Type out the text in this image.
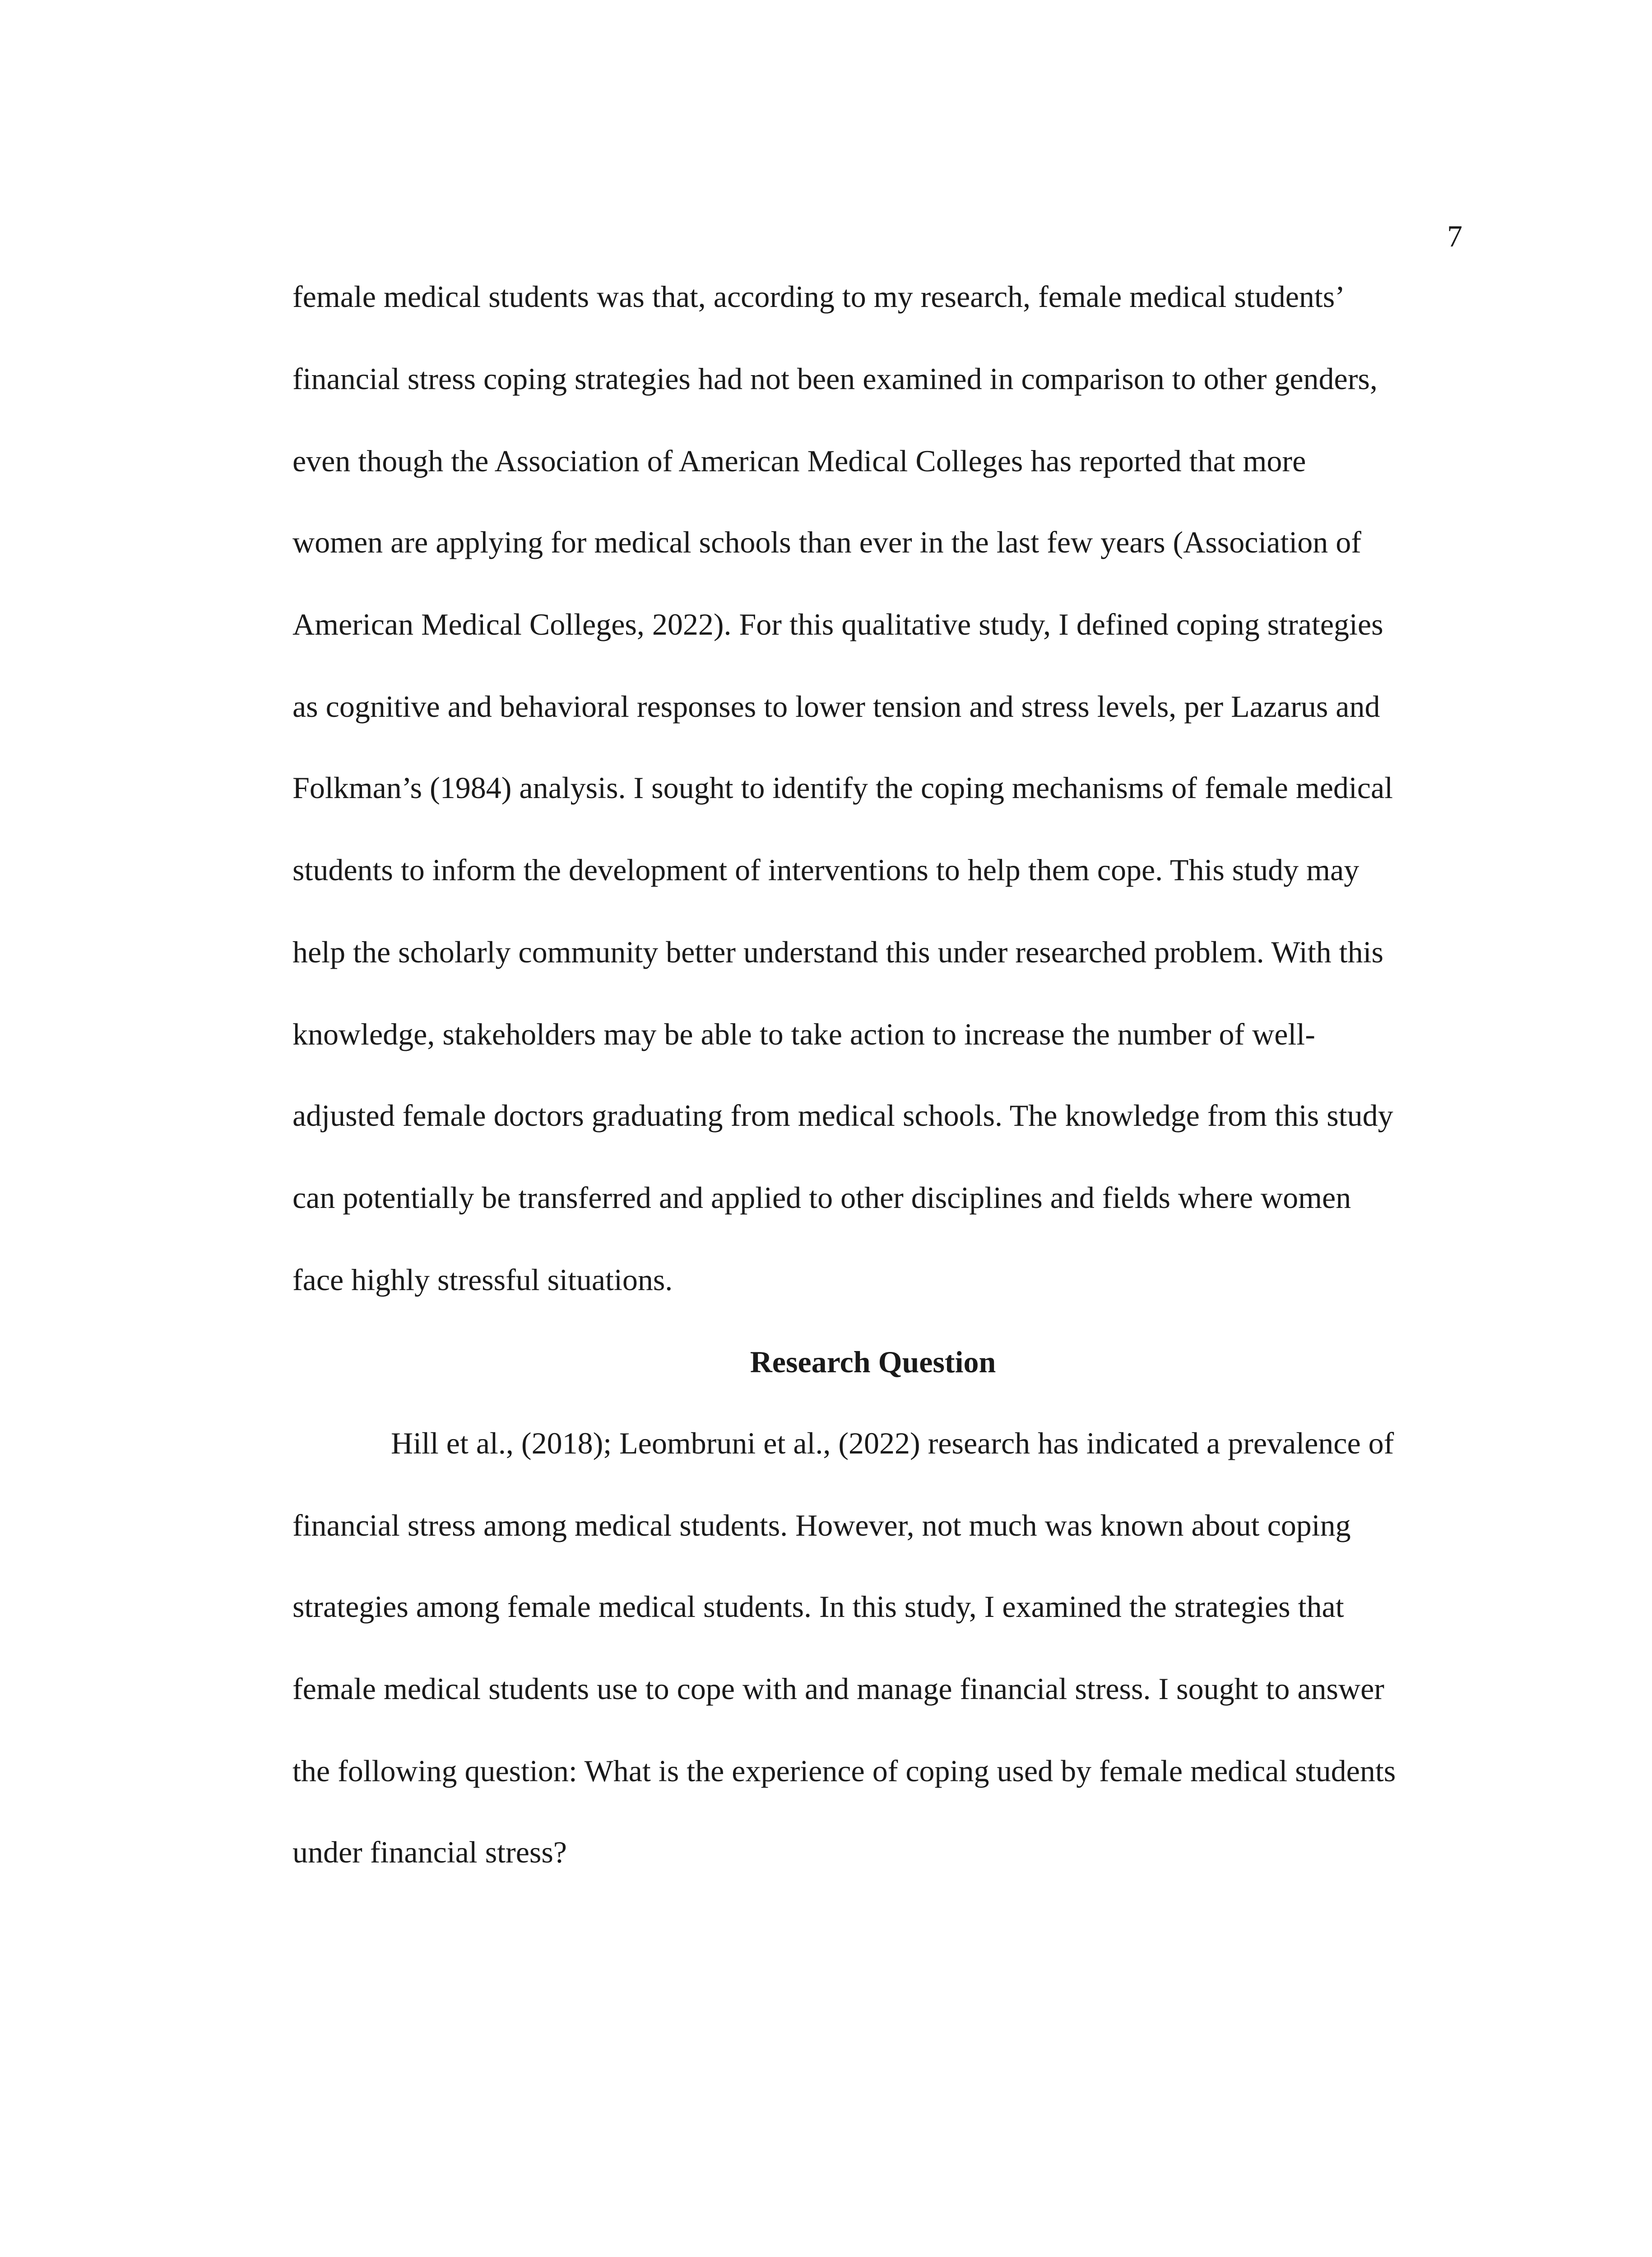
7
female medical students was that, according to my research, female medical students’
financial stress coping strategies had not been examined in comparison to other genders,
even though the Association of American Medical Colleges has reported that more
women are applying for medical schools than ever in the last few years (Association of
American Medical Colleges, 2022). For this qualitative study, I defined coping strategies
as cognitive and behavioral responses to lower tension and stress levels, per Lazarus and
Folkman’s (1984) analysis. I sought to identify the coping mechanisms of female medical
students to inform the development of interventions to help them cope. This study may
help the scholarly community better understand this under researched problem. With this
knowledge, stakeholders may be able to take action to increase the number of well-
adjusted female doctors graduating from medical schools. The knowledge from this study
can potentially be transferred and applied to other disciplines and fields where women
face highly stressful situations.
Research Question
Hill et al., (2018); Leombruni et al., (2022) research has indicated a prevalence of
financial stress among medical students. However, not much was known about coping
strategies among female medical students. In this study, I examined the strategies that
female medical students use to cope with and manage financial stress. I sought to answer
the following question: What is the experience of coping used by female medical students
under financial stress?
